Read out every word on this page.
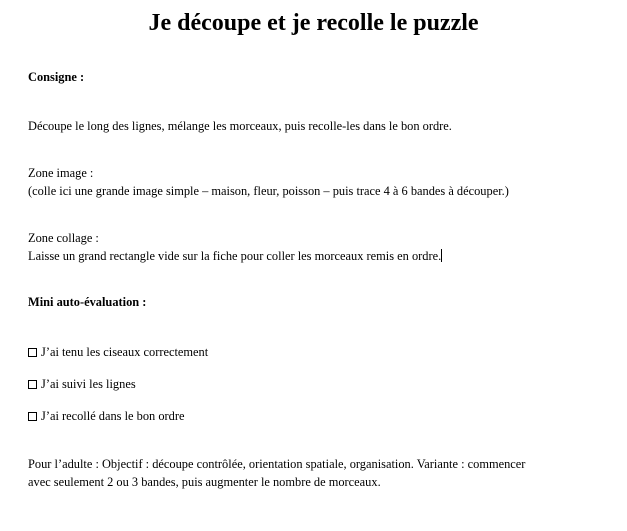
Je découpe et je recolle le puzzle
Consigne :
Découpe le long des lignes, mélange les morceaux, puis recolle-les dans le bon ordre.
Zone image :
(colle ici une grande image simple – maison, fleur, poisson – puis trace 4 à 6 bandes à découper.)
Zone collage :
Laisse un grand rectangle vide sur la fiche pour coller les morceaux remis en ordre.
Mini auto-évaluation :
J’ai tenu les ciseaux correctement
J’ai suivi les lignes
J’ai recollé dans le bon ordre
Pour l’adulte : Objectif : découpe contrôlée, orientation spatiale, organisation. Variante : commencer
avec seulement 2 ou 3 bandes, puis augmenter le nombre de morceaux.
